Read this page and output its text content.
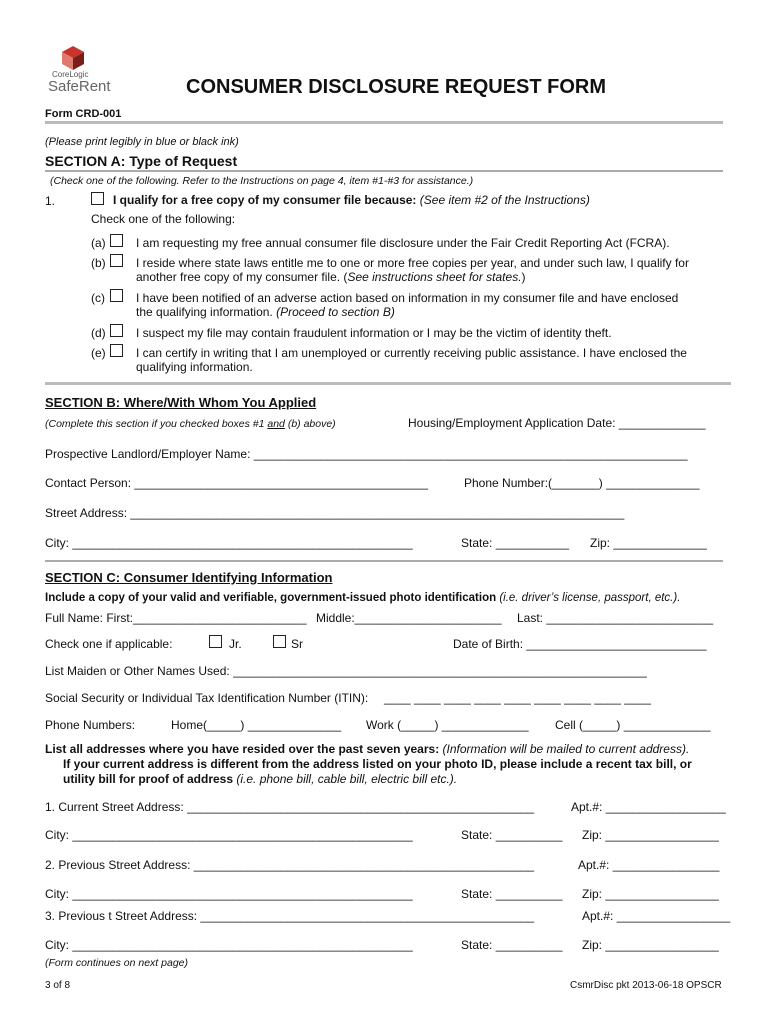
CoreLogic
SafeRent	CONSUMER DISCLOSURE REQUEST FORM
Form CRD-001
(Please print legibly in blue or black ink)
SECTION A: Type of Request
(Check one of the following. Refer to the Instructions on page 4, item #1-#3 for assistance.)
1.	I qualify for a free copy of my consumer file because: (See item #2 of the Instructions)
Check one of the following:
(a)	I am requesting my free annual consumer file disclosure under the Fair Credit Reporting Act (FCRA).
(b)	I reside where state laws entitle me to one or more free copies per year, and under such law, I qualify for
another free copy of my consumer file. (See instructions sheet for states.)
(c)	I have been notified of an adverse action based on information in my consumer file and have enclosed
the qualifying information. (Proceed to section B)
(d)	I suspect my file may contain fraudulent information or I may be the victim of identity theft.
(e)	I can certify in writing that I am unemployed or currently receiving public assistance. I have enclosed the
qualifying information.
SECTION B: Where/With Whom You Applied
(Complete this section if you checked boxes #1 and (b) above)	Housing/Employment Application Date: _____________
Prospective Landlord/Employer Name: _________________________________________________________________
Contact Person: ____________________________________________	Phone Number:(_______) ______________
Street Address: __________________________________________________________________________
City: ___________________________________________________	State: ___________ Zip: ______________
SECTION C: Consumer Identifying Information
Include a copy of your valid and verifiable, government-issued photo identification (i.e. driver’s license, passport, etc.).
Full Name: First:__________________________ Middle:______________________ Last: _________________________
Check one if applicable:	Jr.	Sr	Date of Birth: ___________________________
List Maiden or Other Names Used: ______________________________________________________________
Social Security or Individual Tax Identification Number (ITIN): ____ ____ ____ ____ ____ ____ ____ ____ ____
Phone Numbers:	Home(_____) ______________ Work (_____) _____________ Cell (_____) _____________
List all addresses where you have resided over the past seven years: (Information will be mailed to current address).
If your current address is different from the address listed on your photo ID, please include a recent tax bill, or
utility bill for proof of address (i.e. phone bill, cable bill, electric bill etc.).
1. Current Street Address: ____________________________________________________	Apt.#: __________________
City: ___________________________________________________	State: __________ Zip: _________________
2. Previous Street Address: ___________________________________________________	Apt.#: ________________
City: ___________________________________________________	State: __________ Zip: _________________
3. Previous t Street Address: __________________________________________________	Apt.#: _________________
City: ___________________________________________________	State: __________ Zip: _________________
(Form continues on next page)
3 of 8	CsmrDisc pkt 2013-06-18 OPSCR
